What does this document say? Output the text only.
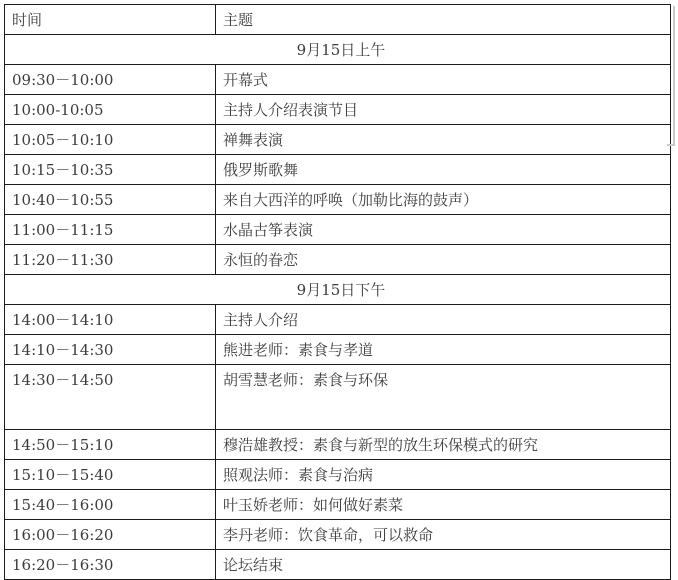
时间	主题
9月15日上午	
09:30－10:00	开幕式
10:00-10:05	主持人介绍表演节目
10:05－10:10	禅舞表演
10:15－10:35	俄罗斯歌舞
10:40－10:55	来自大西洋的呼唤（加勒比海的鼓声）
11:00－11:15	水晶古筝表演
11:20－11:30	永恒的眷恋
9月15日下午	
14:00－14:10	主持人介绍
14:10－14:30	熊进老师：素食与孝道
14:30－14:50	胡雪慧老师：素食与环保
14:50－15:10	穆浩雄教授：素食与新型的放生环保模式的研究
15:10－15:40	照观法师：素食与治病
15:40－16:00	叶玉娇老师：如何做好素菜
16:00－16:20	李丹老师：饮食革命，可以救命
16:20－16:30	论坛结束
